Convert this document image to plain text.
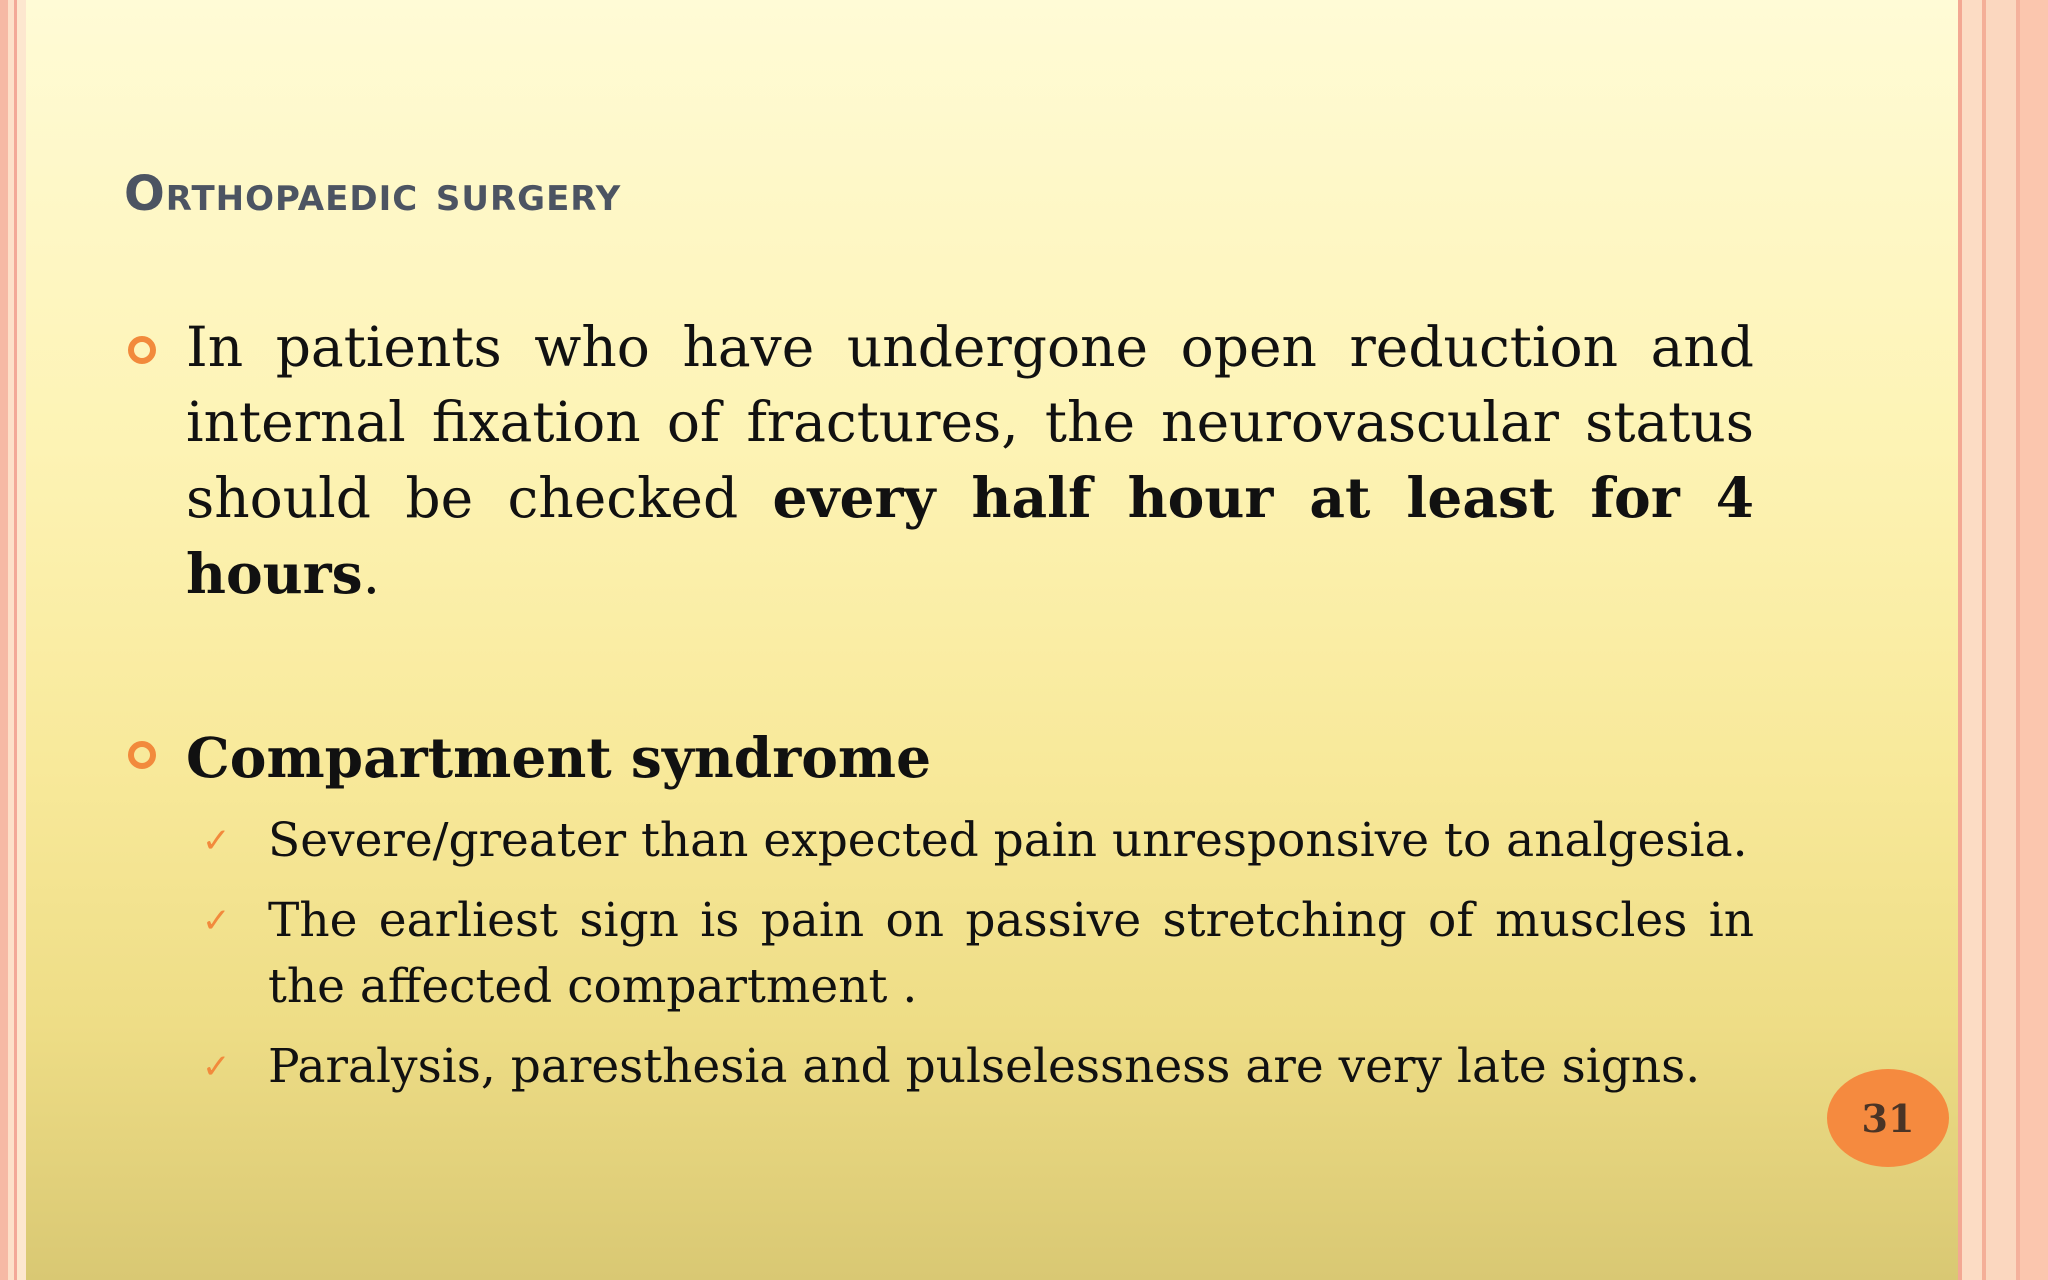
Orthopaedic surgery

In patients who have undergone open reduction and internal fixation of fractures, the neurovascular status should be checked every half hour at least for 4 hours.

Compartment syndrome

✓ Severe/greater than expected pain unresponsive to analgesia.
✓ The earliest sign is pain on passive stretching of muscles in the affected compartment .
✓ Paralysis, paresthesia and pulselessness are very late signs.
31
